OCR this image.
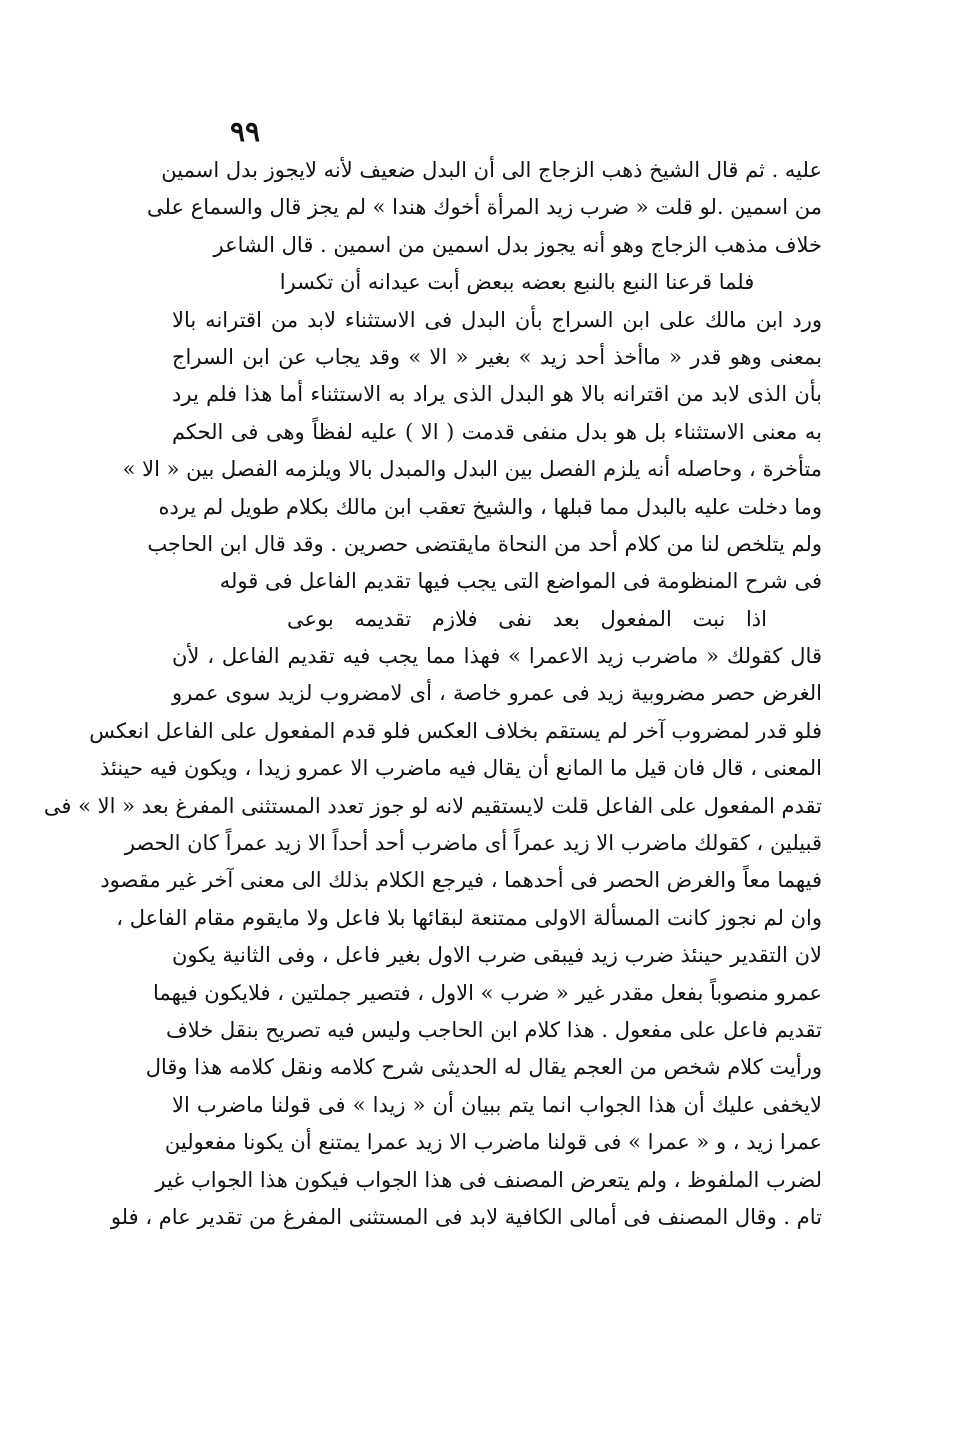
٩٩
عليه . ثم قال الشيخ ذهب الزجاج الى أن البدل ضعيف لأنه لايجوز بدل اسمين
من اسمين .لو قلت « ضرب زيد المرأة أخوك هندا » لم يجز قال والسماع على
خلاف مذهب الزجاج وهو أنه يجوز بدل اسمين من اسمين . قال الشاعر
فلما قرعنا النبع بالنبع بعضه ببعض أبت عيدانه أن تكسرا
ورد ابن مالك على ابن السراج بأن البدل فى الاستثناء لابد من اقترانه بالا
بمعنى وهو قدر « ماأخذ أحد زيد » بغير « الا » وقد يجاب عن ابن السراج
بأن الذى لابد من اقترانه بالا هو البدل الذى يراد به الاستثناء أما هذا فلم يرد
به معنى الاستثناء بل هو بدل منفى قدمت ( الا ) عليه لفظاً وهى فى الحكم
متأخرة ، وحاصله أنه يلزم الفصل بين البدل والمبدل بالا ويلزمه الفصل بين « الا »
وما دخلت عليه بالبدل مما قبلها ، والشيخ تعقب ابن مالك بكلام طويل لم يرده
ولم يتلخص لنا من كلام أحد من النحاة مايقتضى حصرين . وقد قال ابن الحاجب
فى شرح المنظومة فى المواضع التى يجب فيها تقديم الفاعل فى قوله
اذا نبت المفعول بعد نفى فلازم تقديمه بوعى
قال كقولك « ماضرب زيد الاعمرا » فهذا مما يجب فيه تقديم الفاعل ، لأن
الغرض حصر مضروبية زيد فى عمرو خاصة ، أى لامضروب لزيد سوى عمرو
فلو قدر لمضروب آخر لم يستقم بخلاف العكس فلو قدم المفعول على الفاعل انعكس
المعنى ، قال فان قيل ما المانع أن يقال فيه ماضرب الا عمرو زيدا ، ويكون فيه حينئذ
تقدم المفعول على الفاعل قلت لايستقيم لانه لو جوز تعدد المستثنى المفرغ بعد « الا » فى
قبيلين ، كقولك ماضرب الا زيد عمراً أى ماضرب أحد أحداً الا زيد عمراً كان الحصر
فيهما معاً والغرض الحصر فى أحدهما ، فيرجع الكلام بذلك الى معنى آخر غير مقصود
وان لم نجوز كانت المسألة الاولى ممتنعة لبقائها بلا فاعل ولا مايقوم مقام الفاعل ،
لان التقدير حينئذ ضرب زيد فيبقى ضرب الاول بغير فاعل ، وفى الثانية يكون
عمرو منصوباً بفعل مقدر غير « ضرب » الاول ، فتصير جملتين ، فلايكون فيهما
تقديم فاعل على مفعول . هذا كلام ابن الحاجب وليس فيه تصريح بنقل خلاف
ورأيت كلام شخص من العجم يقال له الحديثى شرح كلامه ونقل كلامه هذا وقال
لايخفى عليك أن هذا الجواب انما يتم ببيان أن « زيدا » فى قولنا ماضرب الا
عمرا زيد ، و « عمرا » فى قولنا ماضرب الا زيد عمرا يمتنع أن يكونا مفعولين
لضرب الملفوظ ، ولم يتعرض المصنف فى هذا الجواب فيكون هذا الجواب غير
تام . وقال المصنف فى أمالى الكافية لابد فى المستثنى المفرغ من تقدير عام ، فلو
